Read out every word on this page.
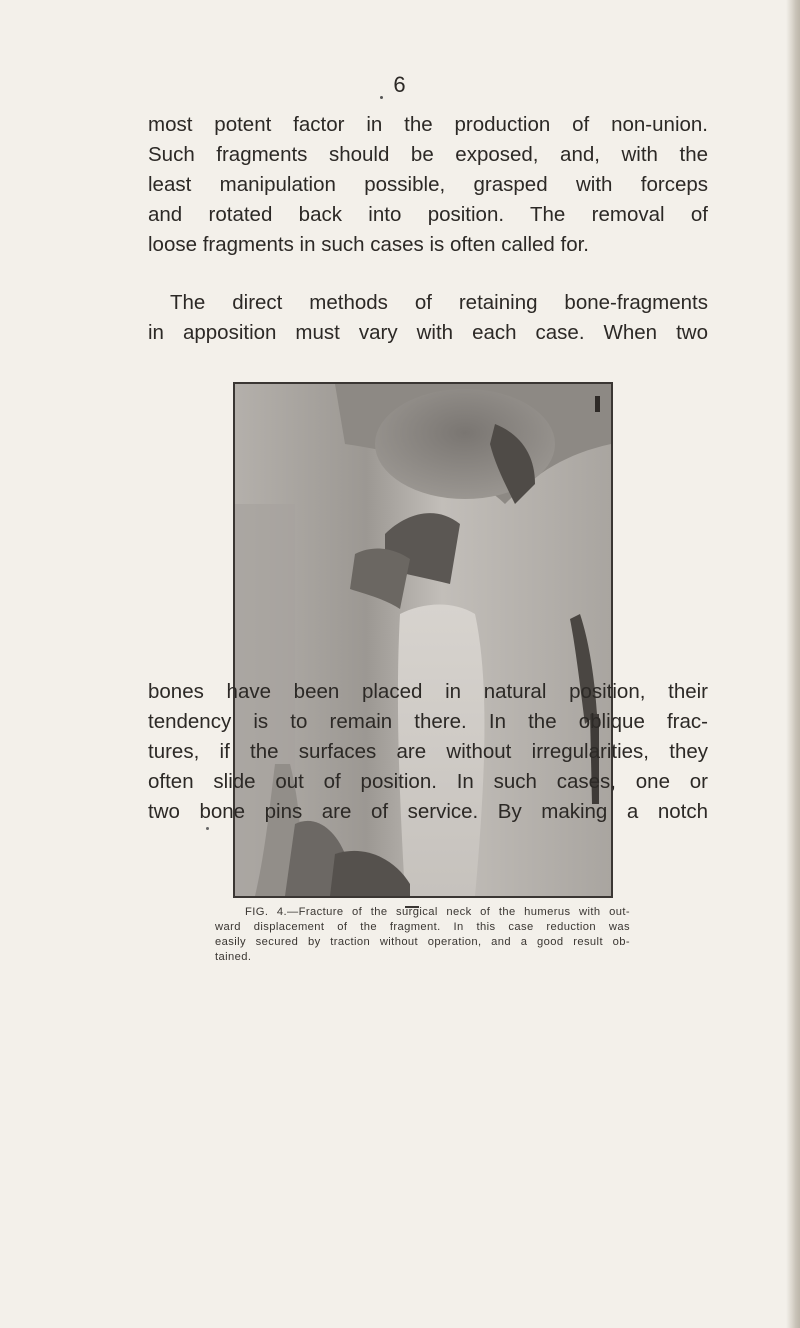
6
most potent factor in the production of non-union.
Such fragments should be exposed, and, with the
least manipulation possible, grasped with forceps
and rotated back into position. The removal of
loose fragments in such cases is often called for.
The direct methods of retaining bone-fragments
in apposition must vary with each case. When two
FIG. 4.—Fracture of the surgical neck of the humerus with out-
ward displacement of the fragment. In this case reduction was
easily secured by traction without operation, and a good result ob-
tained.
bones have been placed in natural position, their
tendency is to remain there. In the oblique frac-
tures, if the surfaces are without irregularities, they
often slide out of position. In such cases, one or
two bone pins are of service. By making a notch
